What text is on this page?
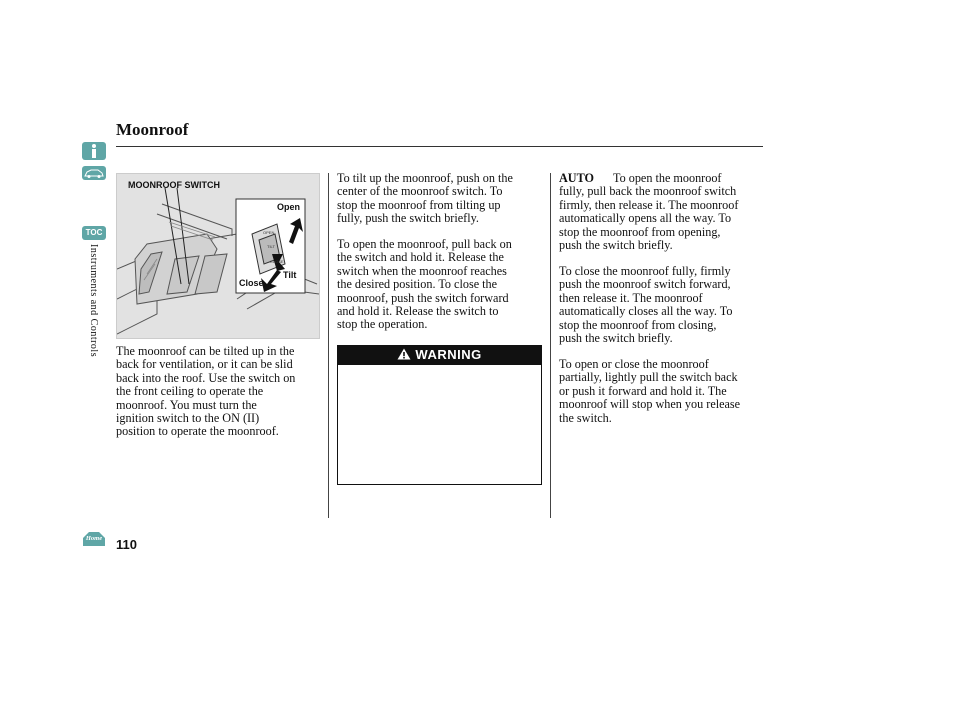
TOC
Instruments and Controls
Home
Moonroof
MOONROOF SWITCH
Open
Tilt
Close
OPEN
TILT
CLOSE
The moonroof can be tilted up in the
back for ventilation, or it can be slid
back into the roof. Use the switch on
the front ceiling to operate the
moonroof. You must turn the
ignition switch to the ON (II)
position to operate the moonroof.
To tilt up the moonroof, push on the
center of the moonroof switch. To
stop the moonroof from tilting up
fully, push the switch briefly.
To open the moonroof, pull back on
the switch and hold it. Release the
switch when the moonroof reaches
the desired position. To close the
moonroof, push the switch forward
and hold it. Release the switch to
stop the operation.
WARNING
AUTO To open the moonroof
fully, pull back the moonroof switch
firmly, then release it. The moonroof
automatically opens all the way. To
stop the moonroof from opening,
push the switch briefly.
To close the moonroof fully, firmly
push the moonroof switch forward,
then release it. The moonroof
automatically closes all the way. To
stop the moonroof from closing,
push the switch briefly.
To open or close the moonroof
partially, lightly pull the switch back
or push it forward and hold it. The
moonroof will stop when you release
the switch.
110
